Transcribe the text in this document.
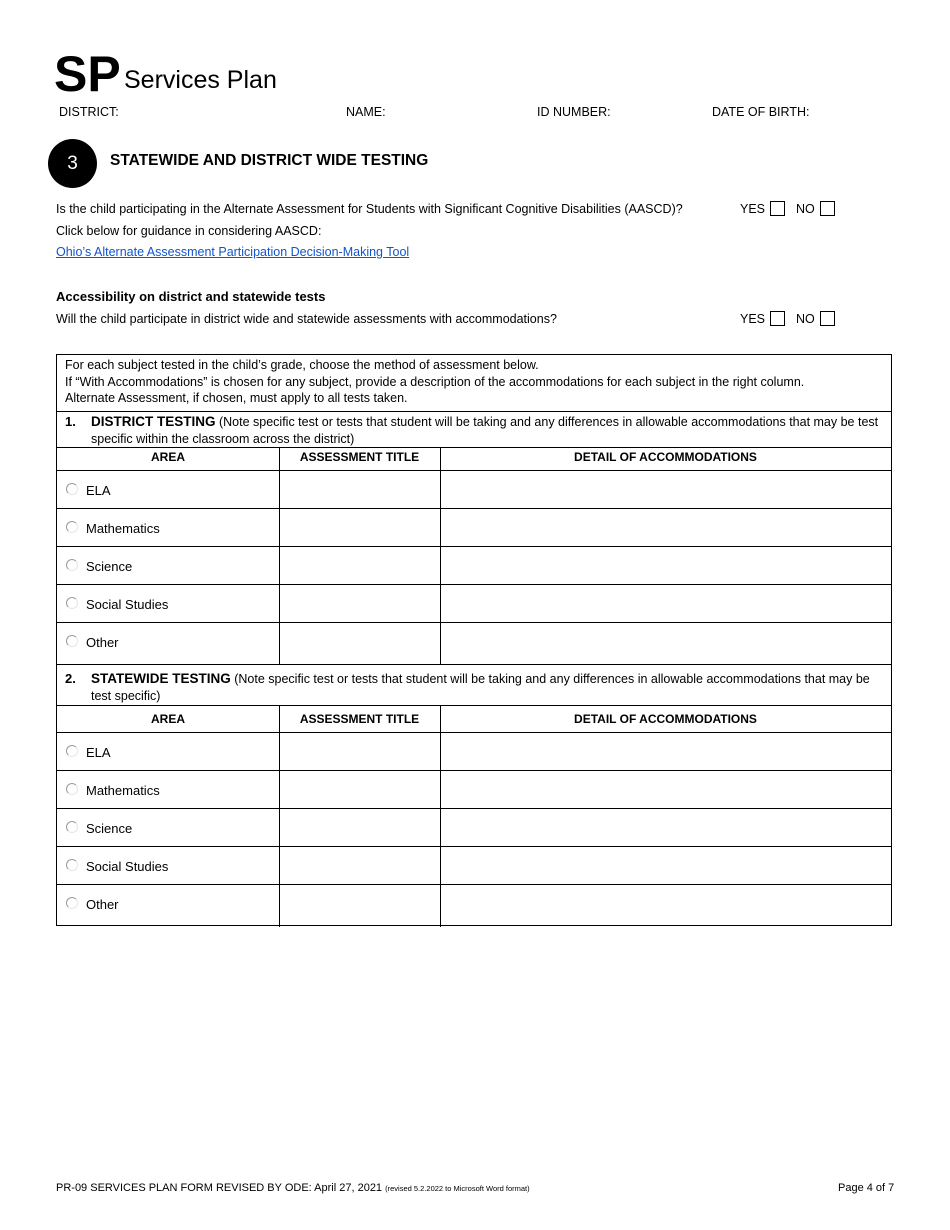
SP Services Plan
DISTRICT:	NAME:	ID NUMBER:	DATE OF BIRTH:
3	STATEWIDE AND DISTRICT WIDE TESTING
Is the child participating in the Alternate Assessment for Students with Significant Cognitive Disabilities (AASCD)?	YES NO
Click below for guidance in considering AASCD:
Ohio’s Alternate Assessment Participation Decision-Making Tool
Accessibility on district and statewide tests
Will the child participate in district wide and statewide assessments with accommodations?	YES NO
For each subject tested in the child’s grade, choose the method of assessment below.
If “With Accommodations” is chosen for any subject, provide a description of the accommodations for each subject in the right column.
Alternate Assessment, if chosen, must apply to all tests taken.
1. DISTRICT TESTING (Note specific test or tests that student will be taking and any differences in allowable accommodations that may be test specific within the classroom across the district)
AREA	ASSESSMENT TITLE	DETAIL OF ACCOMMODATIONS
ELA
Mathematics
Science
Social Studies
Other
2. STATEWIDE TESTING (Note specific test or tests that student will be taking and any differences in allowable accommodations that may be test specific)
AREA	ASSESSMENT TITLE	DETAIL OF ACCOMMODATIONS
ELA
Mathematics
Science
Social Studies
Other
PR-09 SERVICES PLAN FORM REVISED BY ODE: April 27, 2021 (revised 5.2.2022 to Microsoft Word format)	Page 4 of 7
